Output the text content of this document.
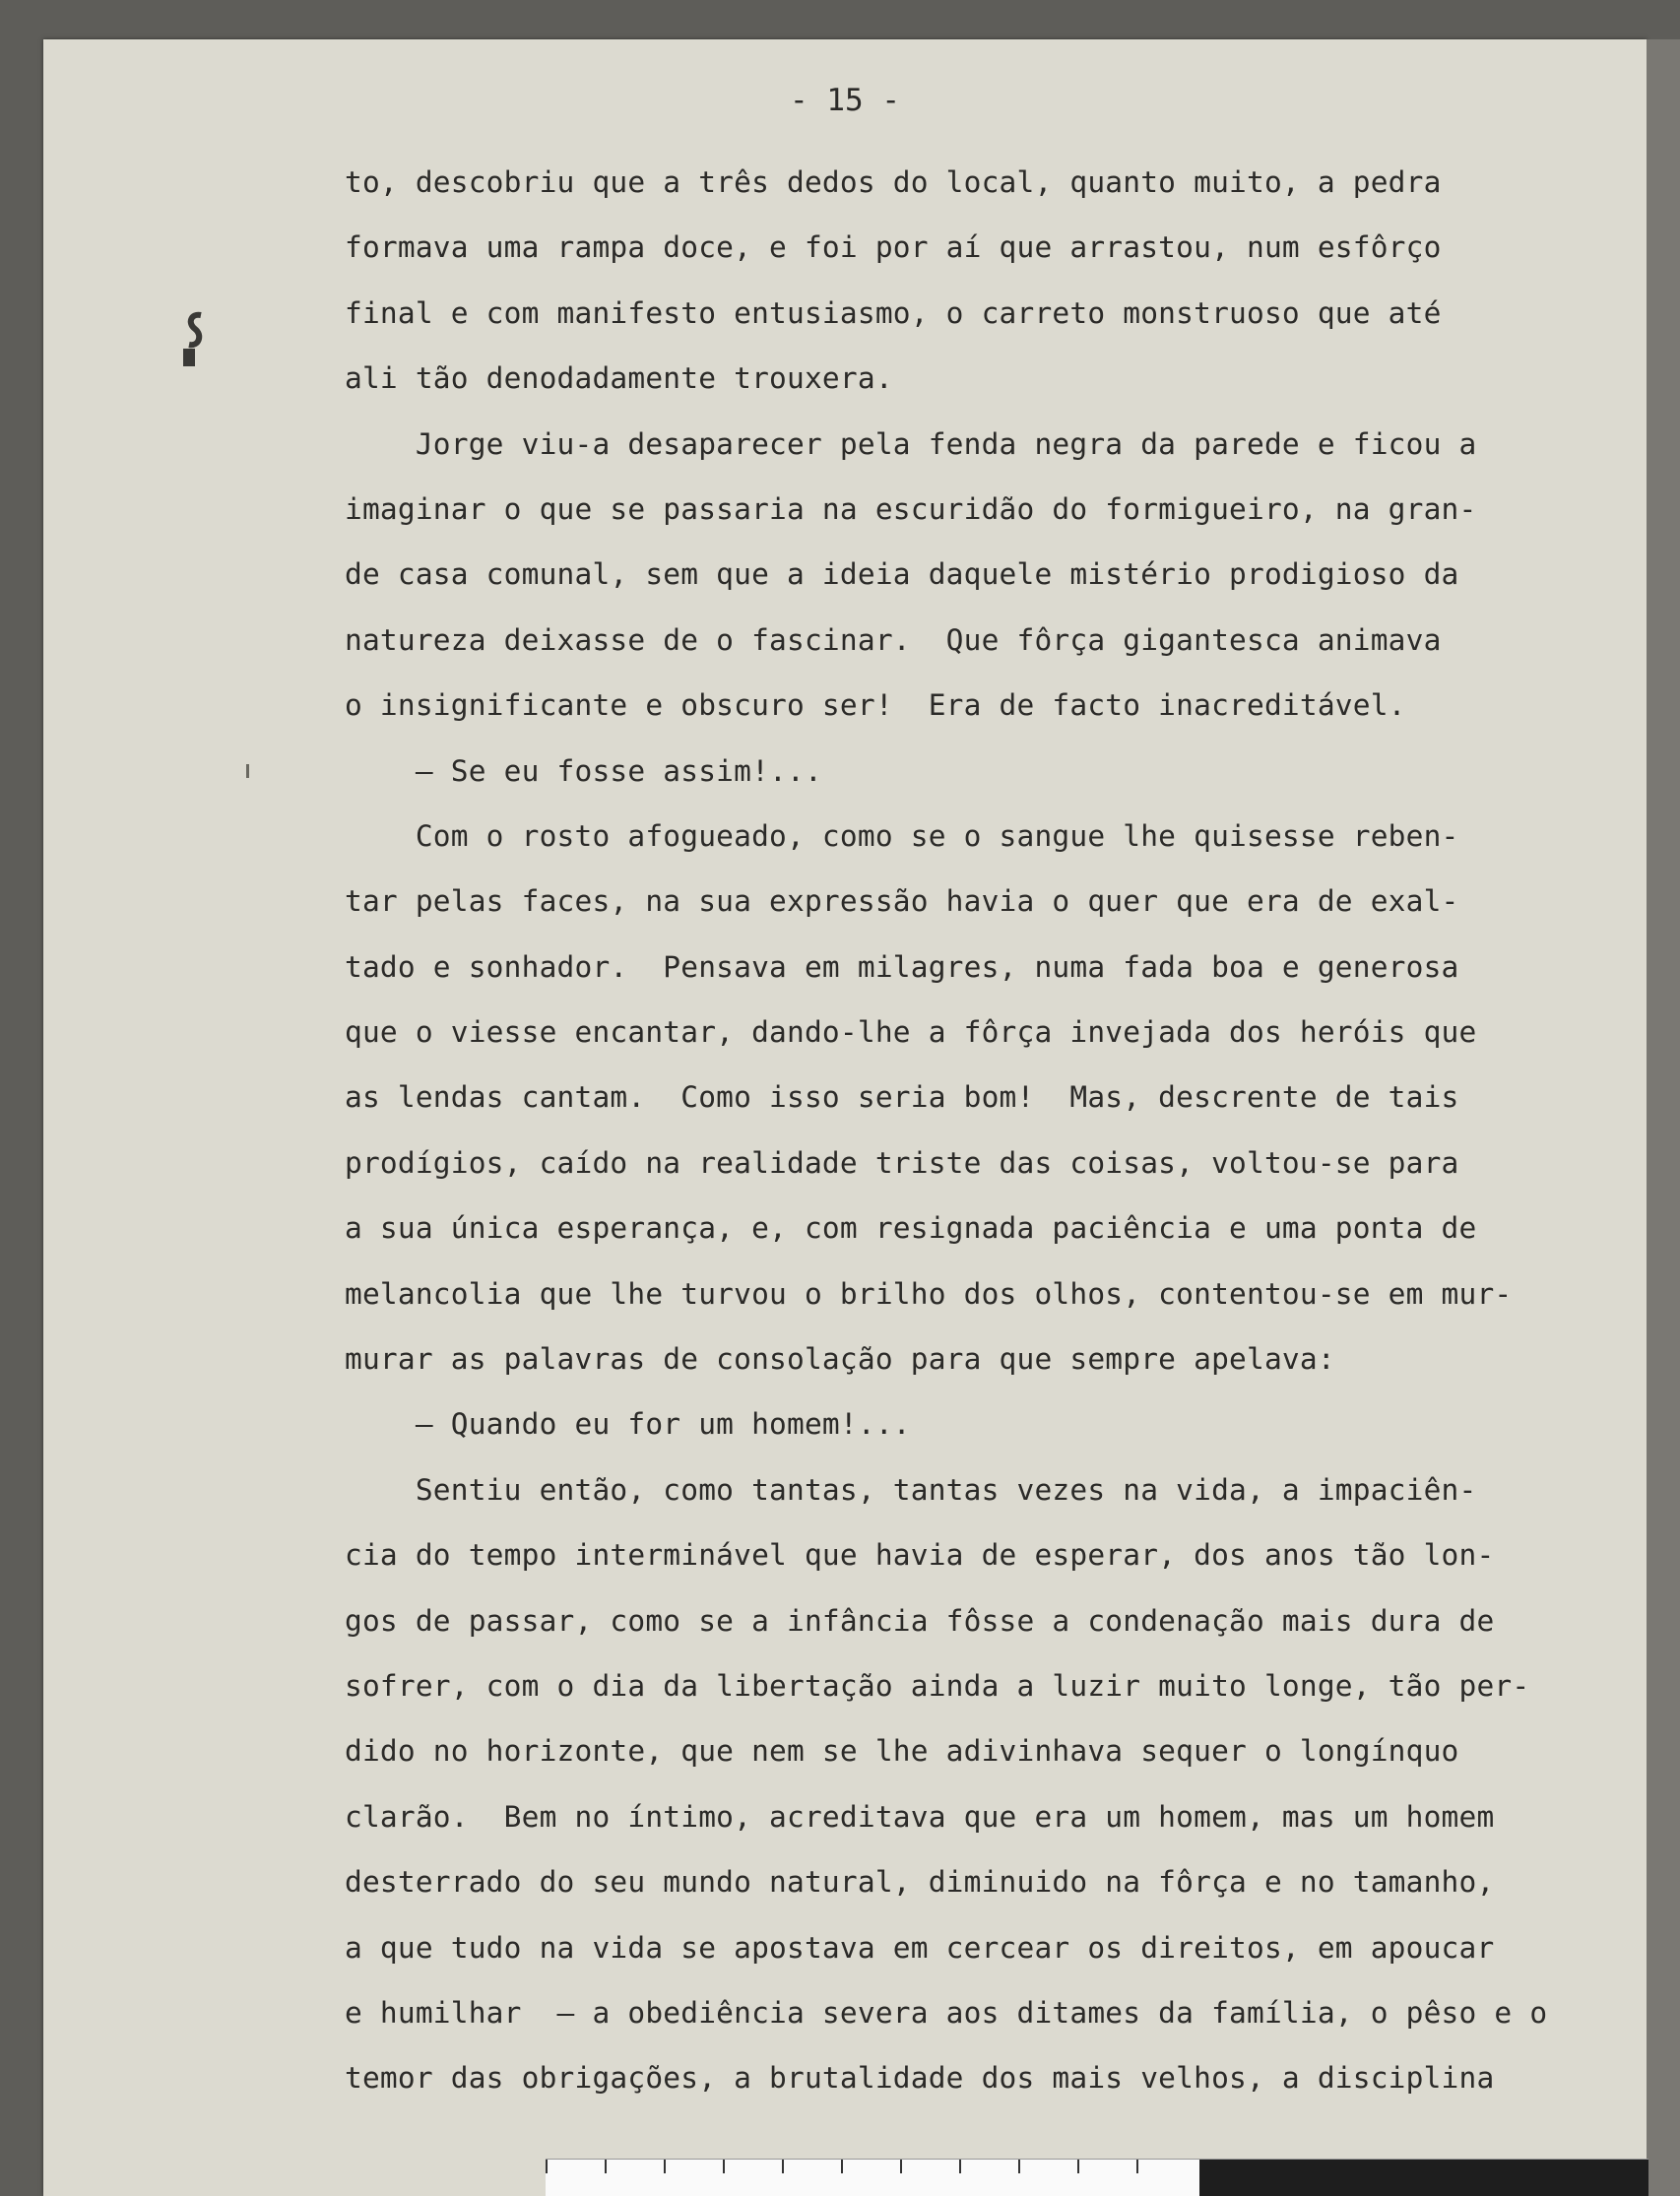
- 15 -
to, descobriu que a três dedos do local, quanto muito, a pedra
formava uma rampa doce, e foi por aí que arrastou, num esfôrço
final e com manifesto entusiasmo, o carreto monstruoso que até
ali tão denodadamente trouxera.
Jorge viu-a desaparecer pela fenda negra da parede e ficou a
imaginar o que se passaria na escuridão do formigueiro, na gran-
de casa comunal, sem que a ideia daquele mistério prodigioso da
natureza deixasse de o fascinar.  Que fôrça gigantesca animava
o insignificante e obscuro ser!  Era de facto inacreditável.
— Se eu fosse assim!...
Com o rosto afogueado, como se o sangue lhe quisesse reben-
tar pelas faces, na sua expressão havia o quer que era de exal-
tado e sonhador.  Pensava em milagres, numa fada boa e generosa
que o viesse encantar, dando-lhe a fôrça invejada dos heróis que
as lendas cantam.  Como isso seria bom!  Mas, descrente de tais
prodígios, caído na realidade triste das coisas, voltou-se para
a sua única esperança, e, com resignada paciência e uma ponta de
melancolia que lhe turvou o brilho dos olhos, contentou-se em mur-
murar as palavras de consolação para que sempre apelava:
— Quando eu for um homem!...
Sentiu então, como tantas, tantas vezes na vida, a impaciên-
cia do tempo interminável que havia de esperar, dos anos tão lon-
gos de passar, como se a infância fôsse a condenação mais dura de
sofrer, com o dia da libertação ainda a luzir muito longe, tão per-
dido no horizonte, que nem se lhe adivinhava sequer o longínquo
clarão.  Bem no íntimo, acreditava que era um homem, mas um homem
desterrado do seu mundo natural, diminuido na fôrça e no tamanho,
a que tudo na vida se apostava em cercear os direitos, em apoucar
e humilhar  — a obediência severa aos ditames da família, o pêso e o
temor das obrigações, a brutalidade dos mais velhos, a disciplina
